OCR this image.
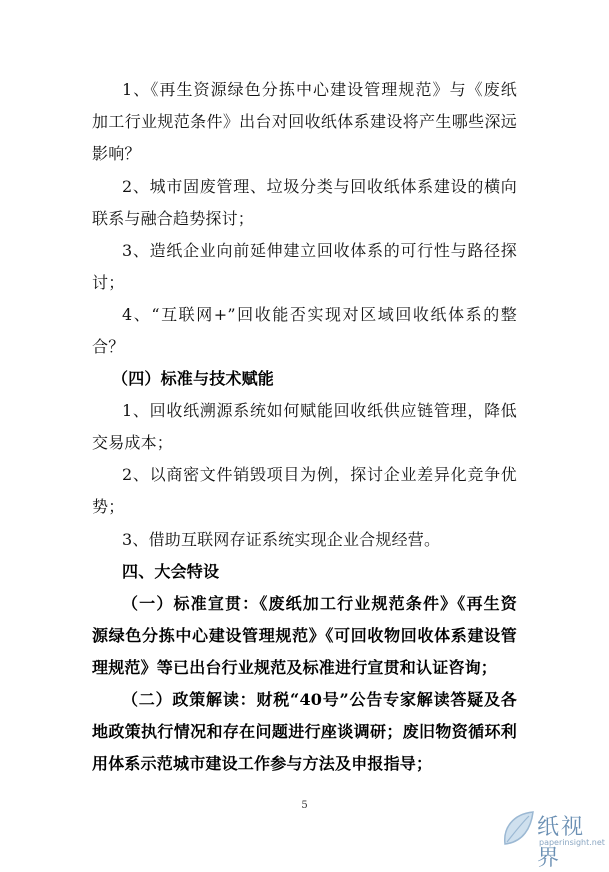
1、《再生资源绿色分拣中心建设管理规范》与《废纸
加工行业规范条件》出台对回收纸体系建设将产生哪些深远
影响？
2、城市固废管理、垃圾分类与回收纸体系建设的横向
联系与融合趋势探讨；
3、造纸企业向前延伸建立回收体系的可行性与路径探
讨；
4、“互联网+”回收能否实现对区域回收纸体系的整
合？
（四）标准与技术赋能
1、回收纸溯源系统如何赋能回收纸供应链管理，降低
交易成本；
2、以商密文件销毁项目为例，探讨企业差异化竞争优
势；
3、借助互联网存证系统实现企业合规经营。
四、大会特设
（一）标准宣贯：《废纸加工行业规范条件》《再生资
源绿色分拣中心建设管理规范》《可回收物回收体系建设管
理规范》等已出台行业规范及标准进行宣贯和认证咨询；
（二）政策解读：财税“40号”公告专家解读答疑及各
地政策执行情况和存在问题进行座谈调研；废旧物资循环利
用体系示范城市建设工作参与方法及申报指导；
5
纸视界
paperinsight.net
